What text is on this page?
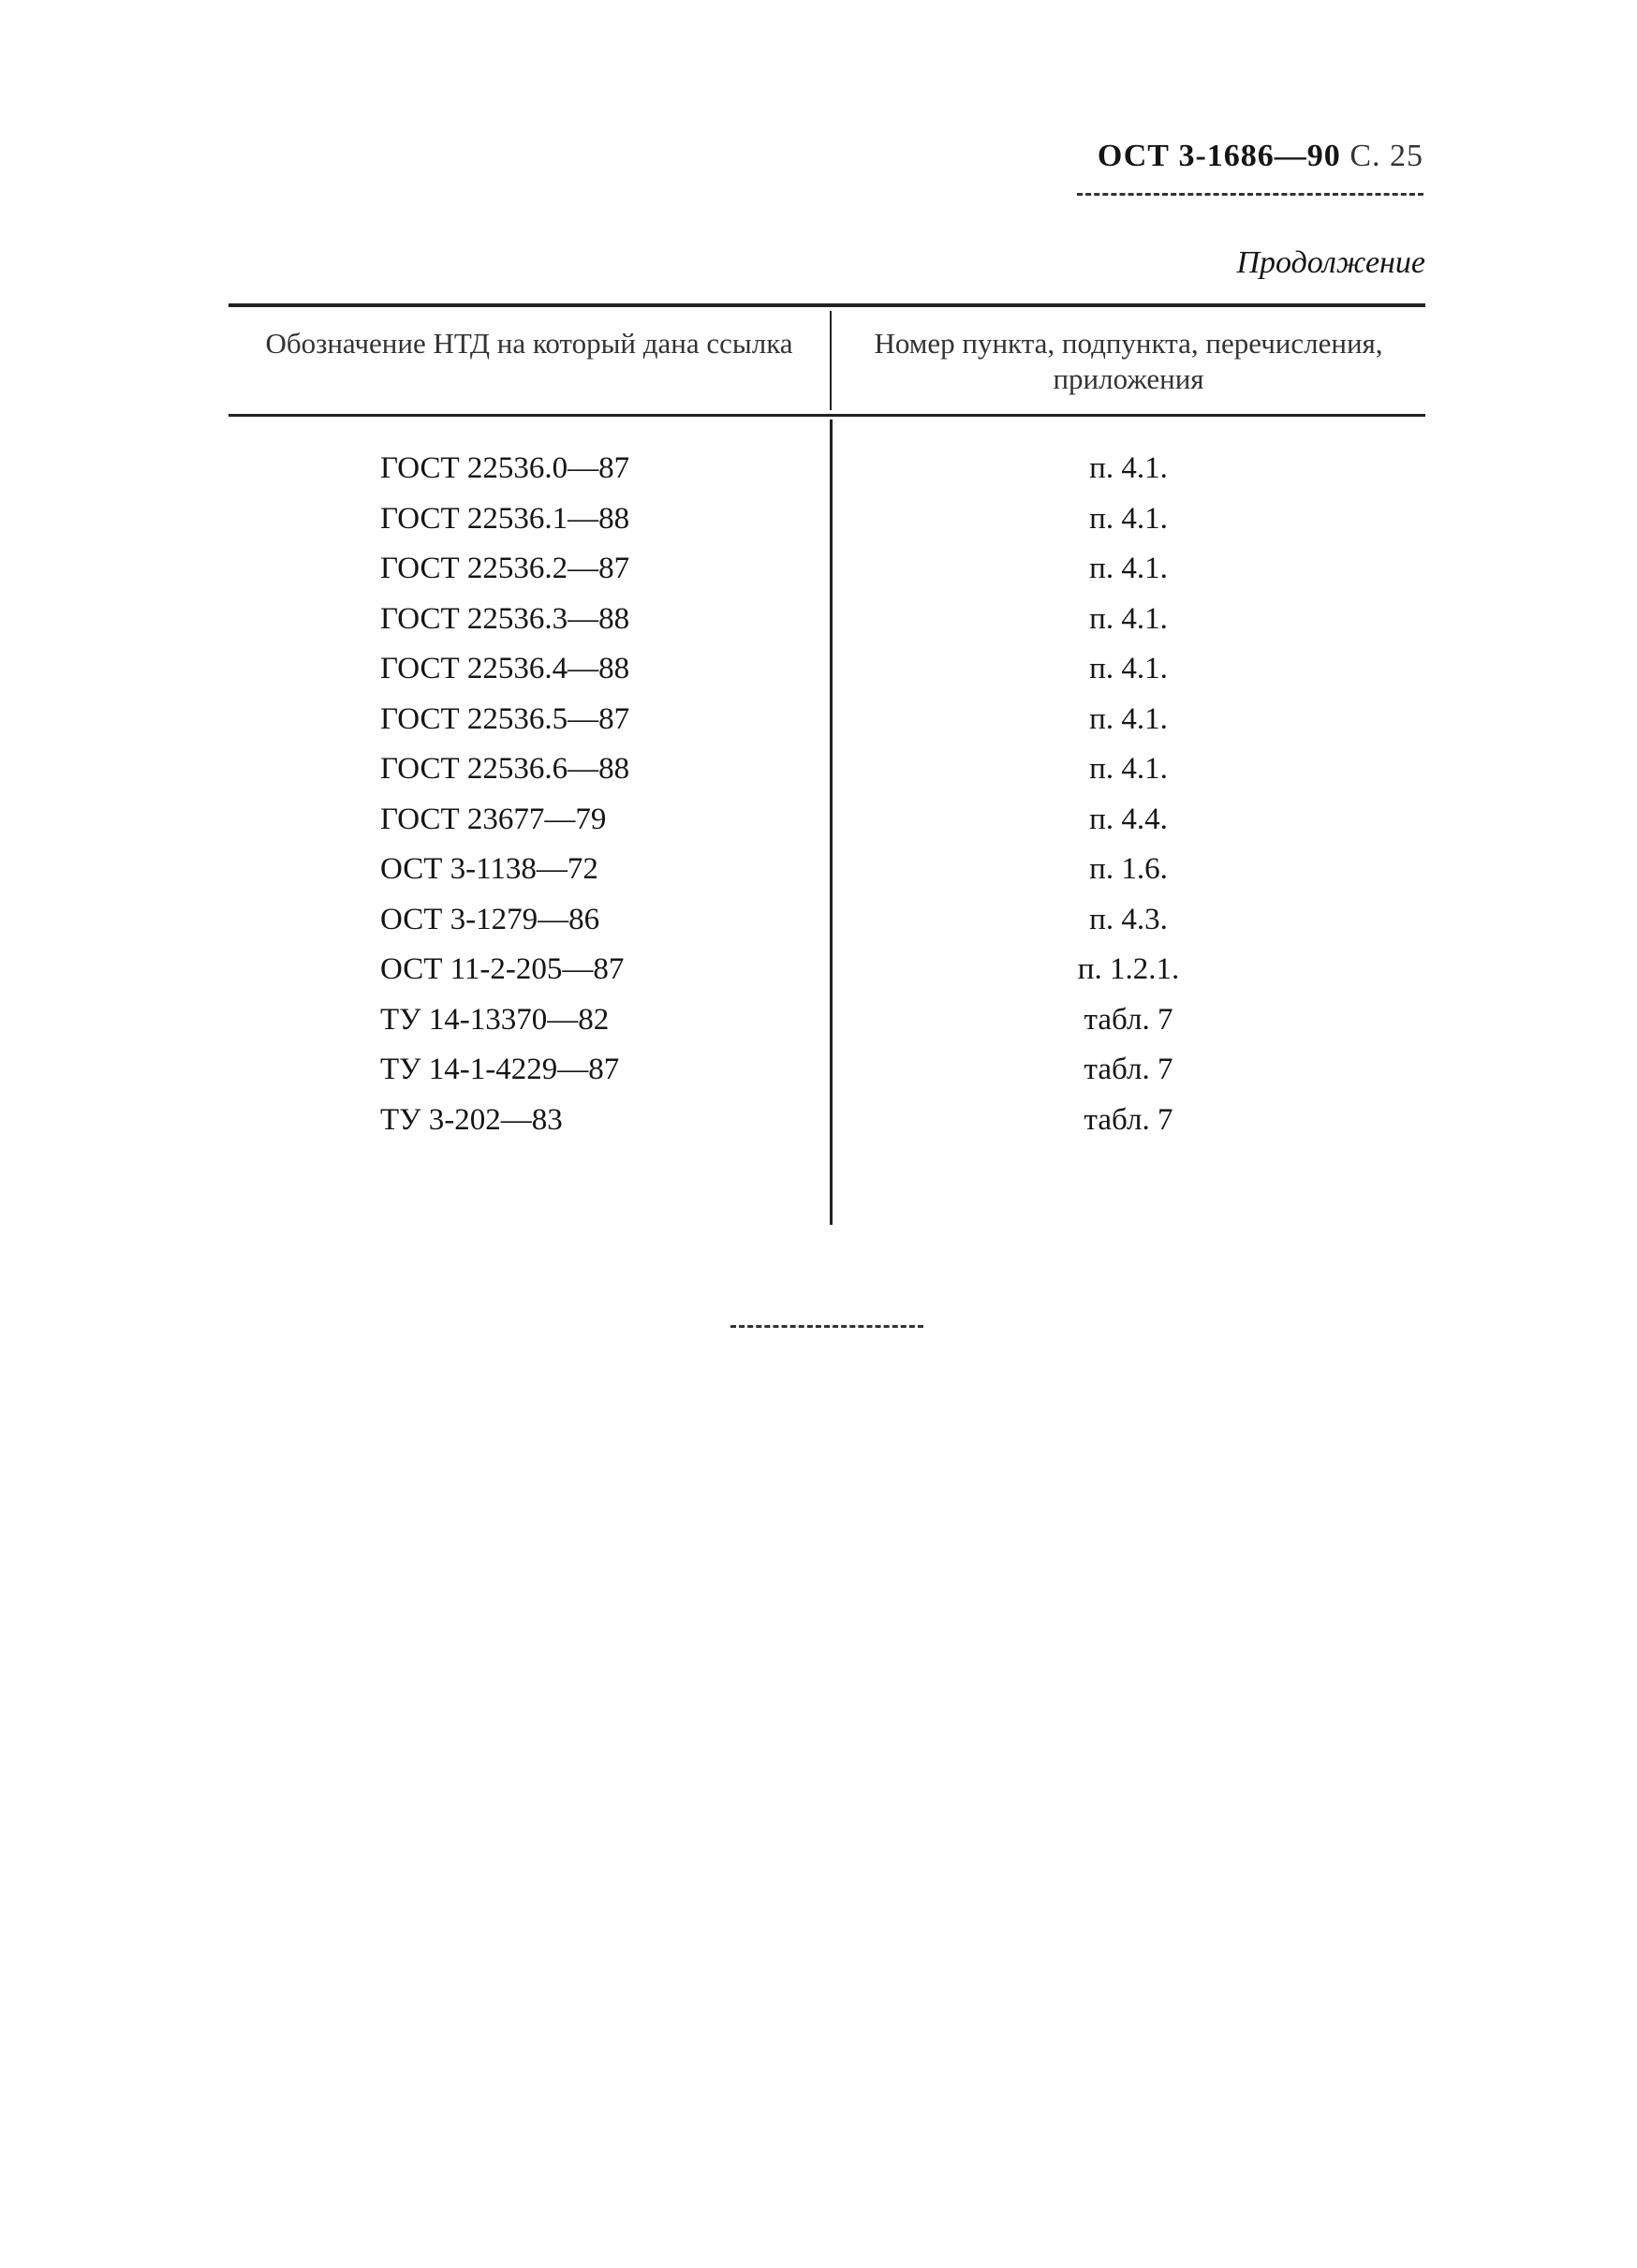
ОСТ 3-1686—90 С. 25
Продолжение
Обозначение НТД на который дана ссылка	Номер пункта, подпункта, перечисления, приложения
ГОСТ 22536.0—87	п. 4.1.
ГОСТ 22536.1—88	п. 4.1.
ГОСТ 22536.2—87	п. 4.1.
ГОСТ 22536.3—88	п. 4.1.
ГОСТ 22536.4—88	п. 4.1.
ГОСТ 22536.5—87	п. 4.1.
ГОСТ 22536.6—88	п. 4.1.
ГОСТ 23677—79	п. 4.4.
ОСТ 3-1138—72	п. 1.6.
ОСТ 3-1279—86	п. 4.3.
ОСТ 11-2-205—87	п. 1.2.1.
ТУ 14-13370—82	табл. 7
ТУ 14-1-4229—87	табл. 7
ТУ 3-202—83	табл. 7
